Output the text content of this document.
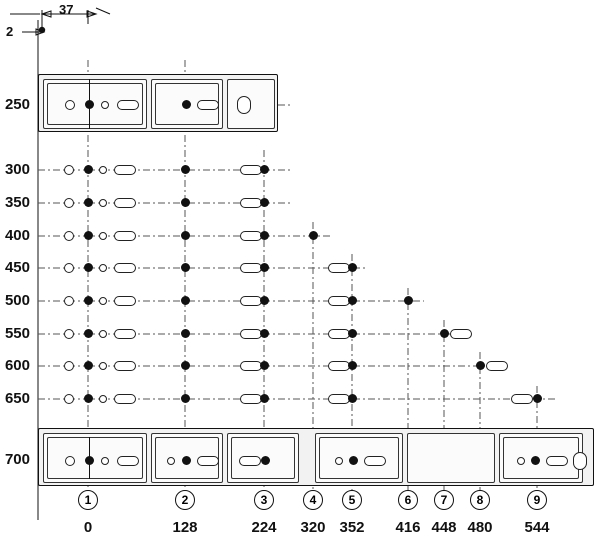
37
2
250
300
350
400
450
500
550
600
650
700
1	2	3	4	5	6	7	8	9
0	128	224	320 352	416 448 480	544
